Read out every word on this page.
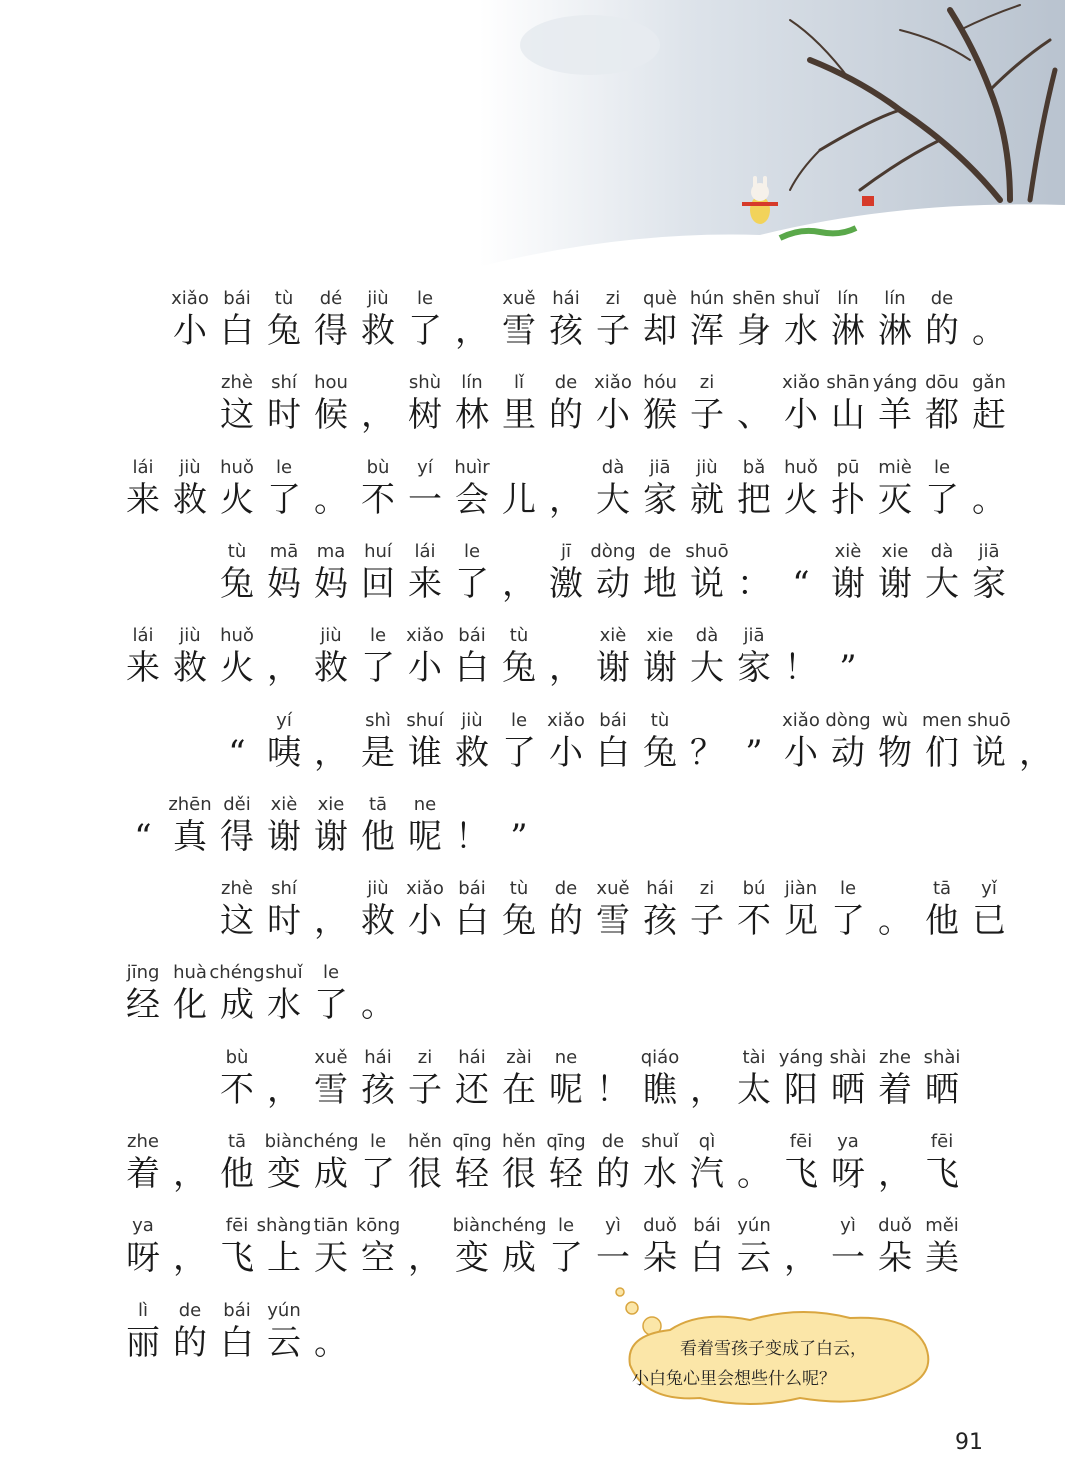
xiǎo
小
bái
白
tù
兔
dé
得
jiù
救
le
了 ，
xuě
雪
hái
孩
zi
子
què
却
hún
浑
shēn
身
shuǐ
水
lín
淋
lín
淋
de
的 。
zhè
这
shí
时
hou
候 ，
shù
树
lín
林
lǐ
里
de
的
xiǎo
小
hóu
猴
zi
子 、
xiǎo
小
shān
山
yáng
羊
dōu
都
gǎn
赶
lái
来
jiù
救
huǒ
火
le
了 。
bù
不
yí
一
huìr
会 儿 ，
dà
大
jiā
家
jiù
就
bǎ
把
huǒ
火
pū
扑
miè
灭
le
了 。
tù
兔
mā
妈
ma
妈
huí
回
lái
来
le
了 ，
jī
激
dòng
动
de
地
shuō
说 ： “
xiè
谢
xie
谢
dà
大
jiā
家
lái
来
jiù
救
huǒ
火 ，
jiù
救
le
了
xiǎo
小
bái
白
tù
兔 ，
xiè
谢
xie
谢
dà
大
jiā
家 ！ ”
“
yí
咦 ，
shì
是
shuí
谁
jiù
救
le
了
xiǎo
小
bái
白
tù
兔 ？ ”
xiǎo
小
dòng
动
wù
物
men
们
shuō
说 ，
“
zhēn
真
děi
得
xiè
谢
xie
谢
tā
他
ne
呢 ！ ”
zhè
这
shí
时 ，
jiù
救
xiǎo
小
bái
白
tù
兔
de
的
xuě
雪
hái
孩
zi
子
bú
不
jiàn
见
le
了 。
tā
他
yǐ
已
jīng
经
huà
化
chéng
成
shuǐ
水
le
了 。
bù
不 ，
xuě
雪
hái
孩
zi
子
hái
还
zài
在
ne
呢 ！
qiáo
瞧 ，
tài
太
yáng
阳
shài
晒
zhe
着
shài
晒
zhe
着 ，
tā
他
biàn
变
chéng
成
le
了
hěn
很
qīng
轻
hěn
很
qīng
轻
de
的
shuǐ
水
qì
汽 。
fēi
飞
ya
呀 ，
fēi
飞
ya
呀 ，
fēi
飞
shàng
上
tiān
天
kōng
空 ，
biàn
变
chéng
成
le
了
yì
一
duǒ
朵
bái
白
yún
云 ，
yì
一
duǒ
朵
měi
美
lì
丽
de
的
bái
白
yún
云 。	看着雪孩子变成了白云，
小白兔心里会想些什么呢？
91
